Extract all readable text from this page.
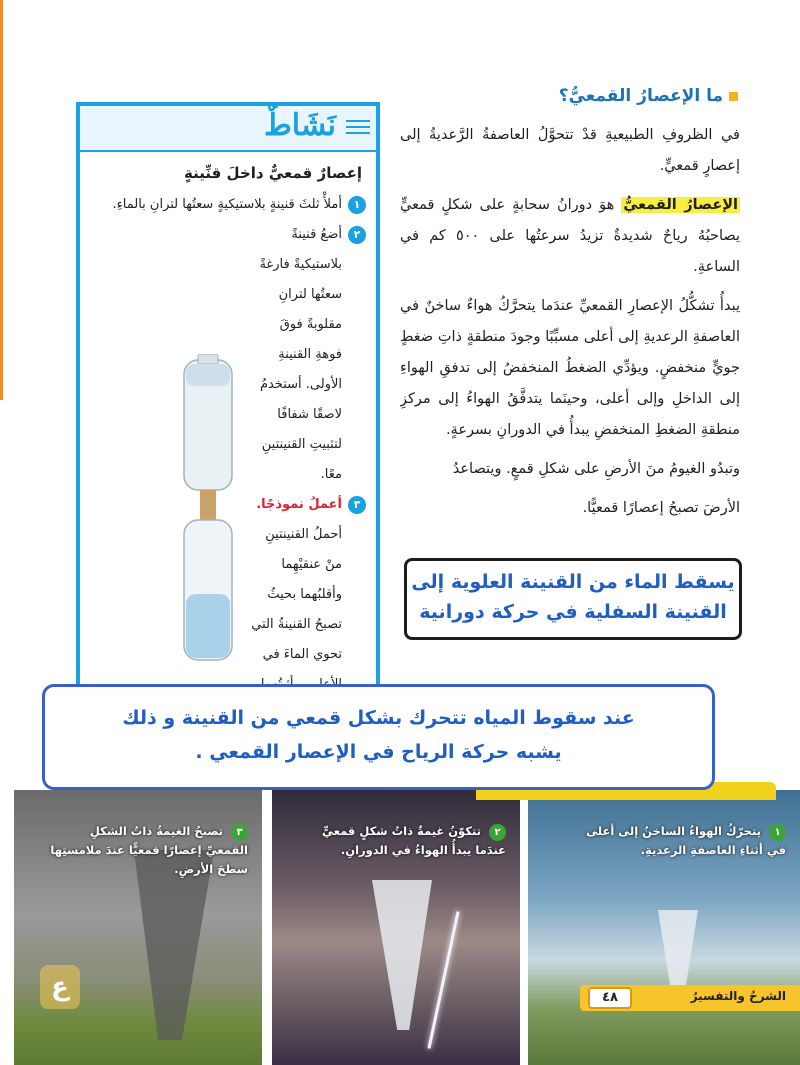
ما الإعصارُ القمعيُّ؟

في الظروفِ الطبيعيةِ قدْ تتحوَّلُ العاصفةُ الرَّعديةُ إلى إعصارٍ قمعيٍّ.

الإعصارُ القمعيُّ هوَ دورانُ سحابةٍ على شكلٍ قمعيٍّ يصاحبُهُ رياحٌ شديدةٌ تزيدُ سرعتُها على ٥٠٠ كم في الساعةِ.

يبدأُ تشكُّلُ الإعصارِ القمعيِّ عندَما يتحرَّكُ هواءٌ ساخنٌ في العاصفةِ الرعديةِ إلى أعلى مسبِّبًا وجودَ منطقةٍ ذاتِ ضغطٍ جويٍّ منخفضٍ. ويؤدِّي الضغطُ المنخفضُ إلى تدفقِ الهواءِ إلى الداخلِ وإلى أعلى، وحينَما يتدفَّقُ الهواءُ إلى مركزِ منطقةِ الضغطِ المنخفضِ يبدأُ في الدورانِ بسرعةٍ.

وتبدُو الغيومُ منَ الأرضِ على شكلِ قمعٍ. ويتصاعدُ

الأرضَ تصبحُ إعصارًا قمعيًّا.

نَشَاطٌ
إعصارٌ قمعيٌّ داخلَ قنِّينةٍ
١
أملأْ ثلثَ قنينةٍ بلاستيكيةٍ سعتُها لترانِ بالماءِ.
٢
أضعُ قنينةً بلاستيكيةً فارغةً سعتُها لترانِ مقلوبةً فوقَ فوهةِ القنينةِ الأولى. أستخدمُ لاصقًا شفافًا لتثبيتِ القنينتينِ معًا.
٣
أعملُ نموذجًا. أحملُ القنينتينِ منْ عنقيْهِما وأقلبُهما بحيثُ تصبحُ القنينةُ التي تحوي الماءَ في
يسقط الماء من القنينة العلوية إلى
القنينة السفلية في حركة دورانية
عند سقوط المياه تتحرك بشكل قمعي من القنينة و ذلك
يشبه حركة الرياح في الإعصار القمعي .
١ يتحرّكُ الهواءُ الساخنُ إلى أعلى في أثناءِ العاصفةِ الرعديةِ.
٢ تتكوّنُ غيمةٌ ذاتُ شكلٍ قمعيٍّ عندَما يبدأُ الهواءُ في الدورانِ.
٣ تصبحُ الغيمةُ ذاتُ الشكلِ القمعيِّ إعصارًا قمعيًّا عندَ ملامستِها سطحَ الأرضِ.
ع	الشرحُ والتفسيرُ
٤٨
